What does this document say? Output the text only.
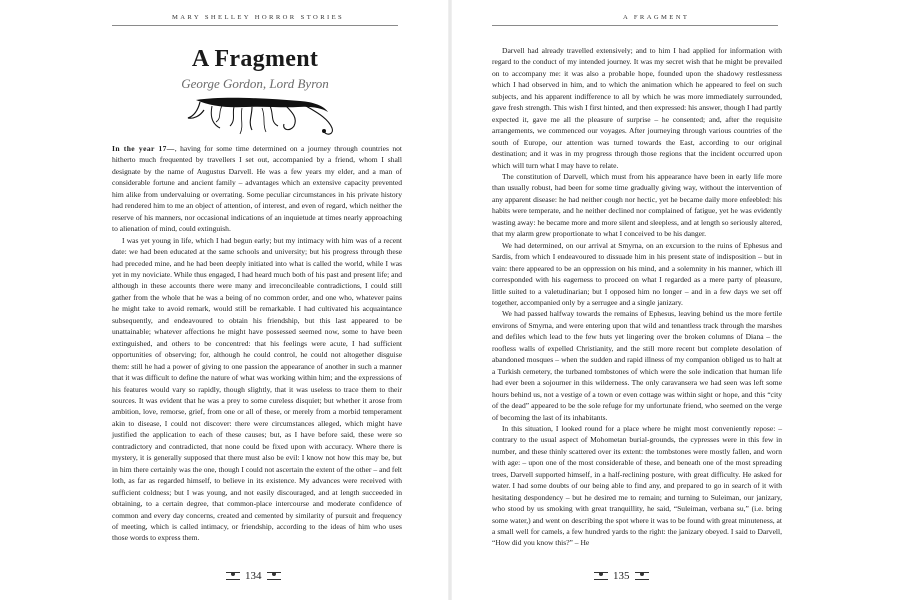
MARY SHELLEY HORROR STORIES
A Fragment
George Gordon, Lord Byron

In the year 17—, having for some time determined on a journey through countries not hitherto much frequented by travellers I set out, accompanied by a friend, whom I shall designate by the name of Augustus Darvell. He was a few years my elder, and a man of considerable fortune and ancient family – advantages which an extensive capacity prevented him alike from undervaluing or overrating. Some peculiar circumstances in his private history had rendered him to me an object of attention, of interest, and even of regard, which neither the reserve of his manners, nor occasional indications of an inquietude at times nearly approaching to alienation of mind, could extinguish.

I was yet young in life, which I had begun early; but my intimacy with him was of a recent date: we had been educated at the same schools and university; but his progress through these had preceded mine, and he had been deeply initiated into what is called the world, while I was yet in my noviciate. While thus engaged, I had heard much both of his past and present life; and although in these accounts there were many and irreconcileable contradictions, I could still gather from the whole that he was a being of no common order, and one who, whatever pains he might take to avoid remark, would still be remarkable. I had cultivated his acquaintance subsequently, and endeavoured to obtain his friendship, but this last appeared to be unattainable; whatever affections he might have possessed seemed now, some to have been extinguished, and others to be concentred: that his feelings were acute, I had sufficient opportunities of observing; for, although he could control, he could not altogether disguise them: still he had a power of giving to one passion the appearance of another in such a manner that it was difficult to define the nature of what was working within him; and the expressions of his features would vary so rapidly, though slightly, that it was useless to trace them to their sources. It was evident that he was a prey to some cureless disquiet; but whether it arose from ambition, love, remorse, grief, from one or all of these, or merely from a morbid temperament akin to disease, I could not discover: there were circumstances alleged, which might have justified the application to each of these causes; but, as I have before said, these were so contradictory and contradicted, that none could be fixed upon with accuracy. Where there is mystery, it is generally supposed that there must also be evil: I know not how this may be, but in him there certainly was the one, though I could not ascertain the extent of the other – and felt loth, as far as regarded himself, to believe in its existence. My advances were received with sufficient coldness; but I was young, and not easily discouraged, and at length succeeded in obtaining, to a certain degree, that common-place intercourse and moderate confidence of common and every day concerns, created and cemented by similarity of pursuit and frequency of meeting, which is called intimacy, or friendship, according to the ideas of him who uses those words to express them.

134
A FRAGMENT

Darvell had already travelled extensively; and to him I had applied for information with regard to the conduct of my intended journey. It was my secret wish that he might be prevailed on to accompany me: it was also a probable hope, founded upon the shadowy restlessness which I had observed in him, and to which the animation which he appeared to feel on such subjects, and his apparent indifference to all by which he was more immediately surrounded, gave fresh strength. This wish I first hinted, and then expressed: his answer, though I had partly expected it, gave me all the pleasure of surprise – he consented; and, after the requisite arrangements, we commenced our voyages. After journeying through various countries of the south of Europe, our attention was turned towards the East, according to our original destination; and it was in my progress through those regions that the incident occurred upon which will turn what I may have to relate.

The constitution of Darvell, which must from his appearance have been in early life more than usually robust, had been for some time gradually giving way, without the intervention of any apparent disease: he had neither cough nor hectic, yet he became daily more enfeebled: his habits were temperate, and he neither declined nor complained of fatigue, yet he was evidently wasting away: he became more and more silent and sleepless, and at length so seriously altered, that my alarm grew proportionate to what I conceived to be his danger.

We had determined, on our arrival at Smyrna, on an excursion to the ruins of Ephesus and Sardis, from which I endeavoured to dissuade him in his present state of indisposition – but in vain: there appeared to be an oppression on his mind, and a solemnity in his manner, which ill corresponded with his eagerness to proceed on what I regarded as a mere party of pleasure, little suited to a valetudinarian; but I opposed him no longer – and in a few days we set off together, accompanied only by a serrugee and a single janizary.

We had passed halfway towards the remains of Ephesus, leaving behind us the more fertile environs of Smyrna, and were entering upon that wild and tenantless track through the marshes and defiles which lead to the few huts yet lingering over the broken columns of Diana – the roofless walls of expelled Christianity, and the still more recent but complete desolation of abandoned mosques – when the sudden and rapid illness of my companion obliged us to halt at a Turkish cemetery, the turbaned tombstones of which were the sole indication that human life had ever been a sojourner in this wilderness. The only caravansera we had seen was left some hours behind us, not a vestige of a town or even cottage was within sight or hope, and this “city of the dead” appeared to be the sole refuge for my unfortunate friend, who seemed on the verge of becoming the last of its inhabitants.

In this situation, I looked round for a place where he might most conveniently repose: – contrary to the usual aspect of Mohometan burial-grounds, the cypresses were in this few in number, and these thinly scattered over its extent: the tombstones were mostly fallen, and worn with age: – upon one of the most considerable of these, and beneath one of the most spreading trees, Darvell supported himself, in a half-reclining posture, with great difficulty. He asked for water. I had some doubts of our being able to find any, and prepared to go in search of it with hesitating despondency – but he desired me to remain; and turning to Suleiman, our janizary, who stood by us smoking with great tranquillity, he said, “Suleiman, verbana su,” (i.e. bring some water,) and went on describing the spot where it was to be found with great minuteness, at a small well for camels, a few hundred yards to the right: the janizary obeyed. I said to Darvell, “How did you know this?” – He

135
